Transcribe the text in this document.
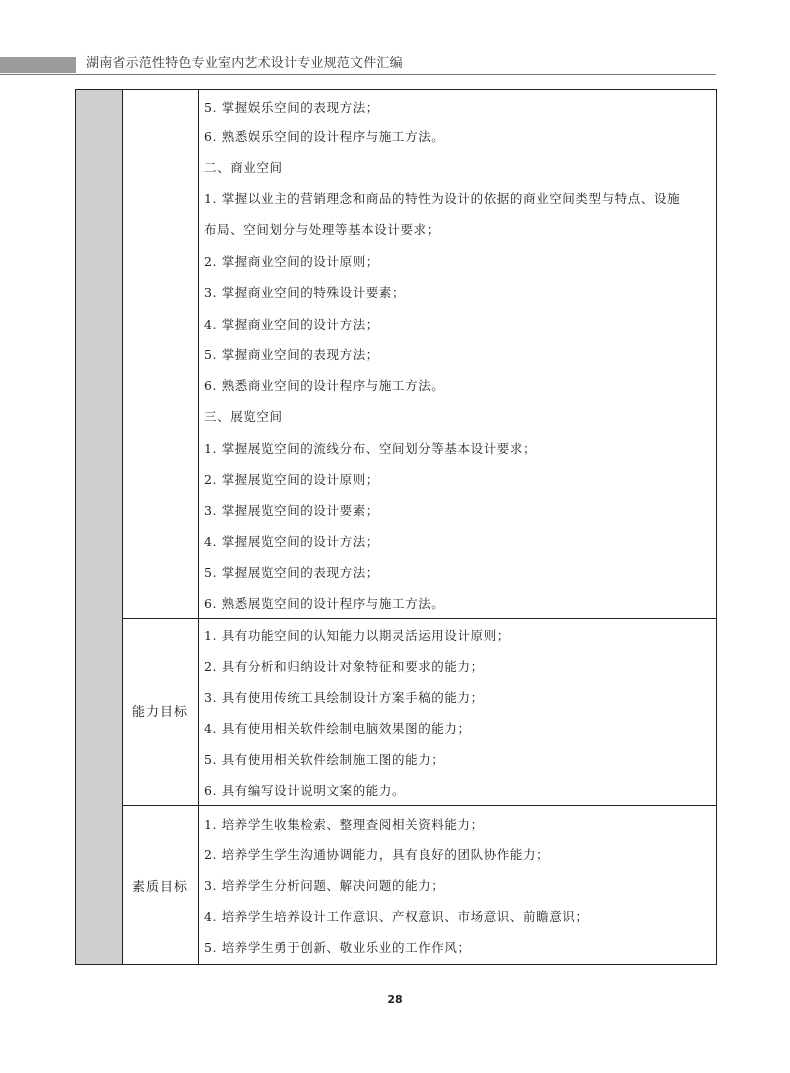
湖南省示范性特色专业室内艺术设计专业规范文件汇编
能力目标
素质目标
5. 掌握娱乐空间的表现方法；
6. 熟悉娱乐空间的设计程序与施工方法。
二、商业空间
1. 掌握以业主的营销理念和商品的特性为设计的依据的商业空间类型与特点、设施
布局、空间划分与处理等基本设计要求；
2. 掌握商业空间的设计原则；
3. 掌握商业空间的特殊设计要素；
4. 掌握商业空间的设计方法；
5. 掌握商业空间的表现方法；
6. 熟悉商业空间的设计程序与施工方法。
三、展览空间
1. 掌握展览空间的流线分布、空间划分等基本设计要求；
2. 掌握展览空间的设计原则；
3. 掌握展览空间的设计要素；
4. 掌握展览空间的设计方法；
5. 掌握展览空间的表现方法；
6. 熟悉展览空间的设计程序与施工方法。
1. 具有功能空间的认知能力以期灵活运用设计原则；
2. 具有分析和归纳设计对象特征和要求的能力；
3. 具有使用传统工具绘制设计方案手稿的能力；
4. 具有使用相关软件绘制电脑效果图的能力；
5. 具有使用相关软件绘制施工图的能力；
6. 具有编写设计说明文案的能力。
1. 培养学生收集检索、整理查阅相关资料能力；
2. 培养学生学生沟通协调能力，具有良好的团队协作能力；
3. 培养学生分析问题、解决问题的能力；
4. 培养学生培养设计工作意识、产权意识、市场意识、前瞻意识；
5. 培养学生勇于创新、敬业乐业的工作作风；
28
